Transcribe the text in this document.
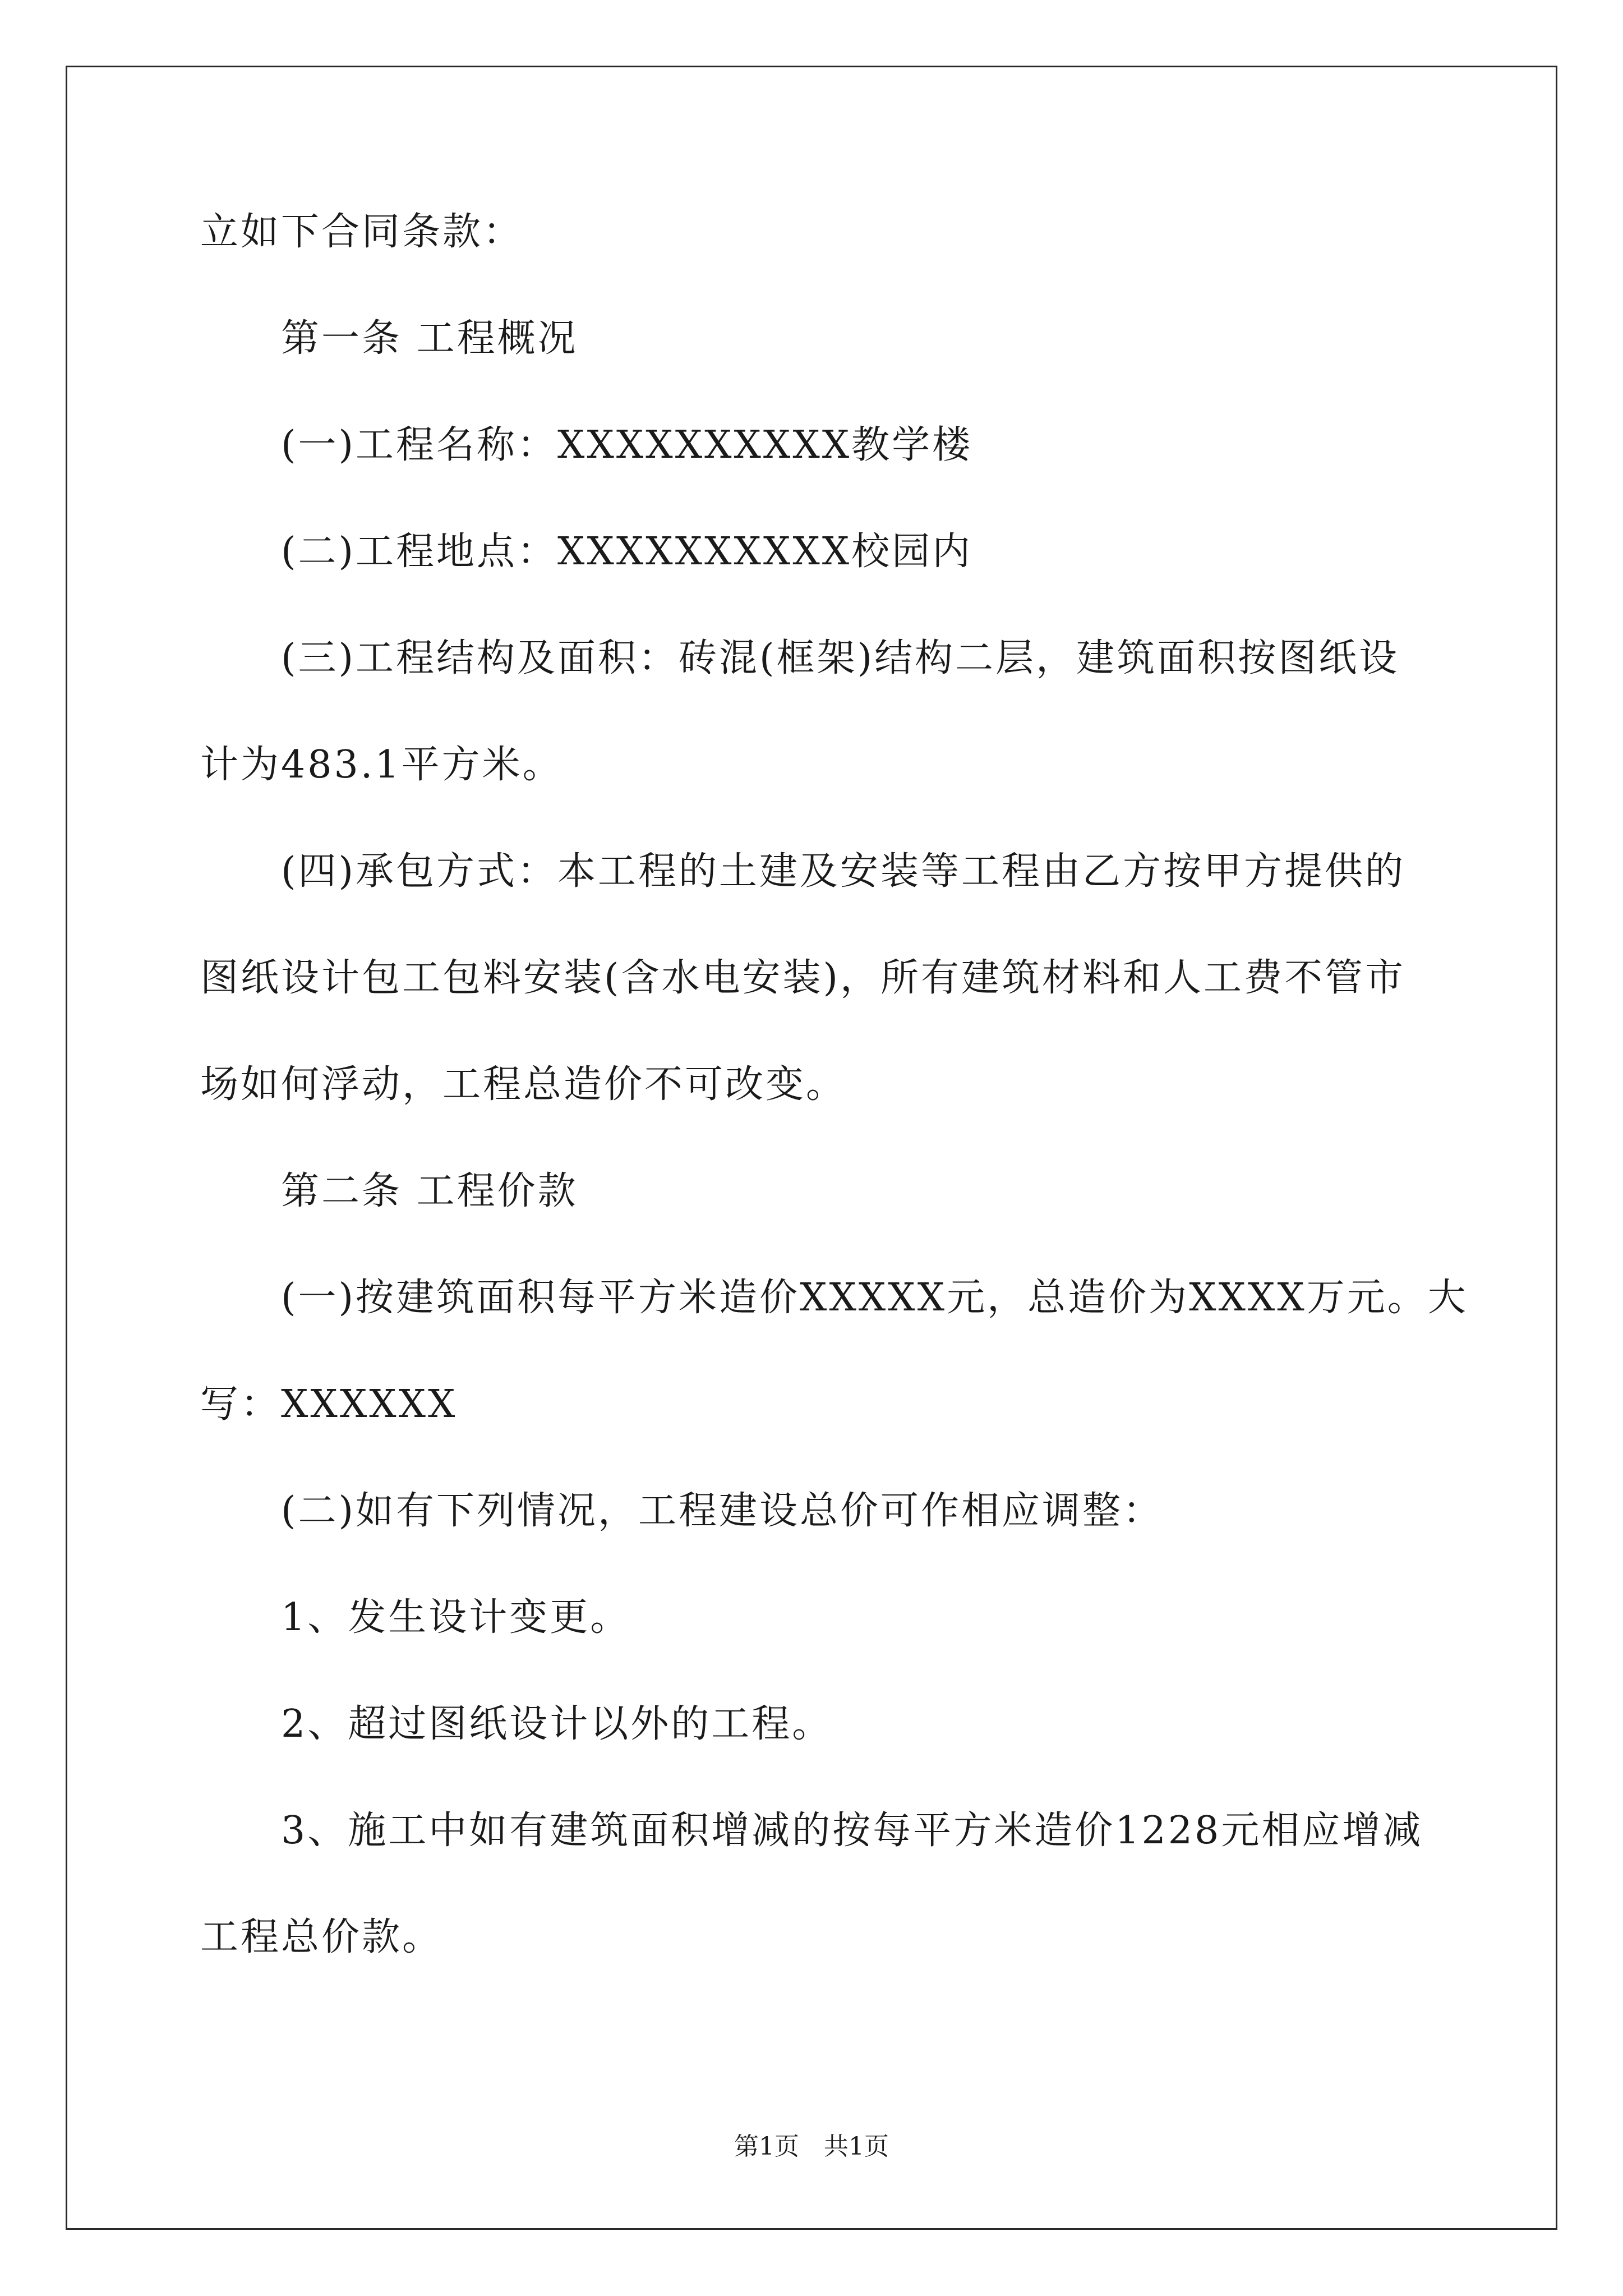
立如下合同条款：
第一条 工程概况
(一)工程名称：XXXXXXXXXX教学楼
(二)工程地点：XXXXXXXXXX校园内
(三)工程结构及面积：砖混(框架)结构二层，建筑面积按图纸设
计为483.1平方米。
(四)承包方式：本工程的土建及安装等工程由乙方按甲方提供的
图纸设计包工包料安装(含水电安装)，所有建筑材料和人工费不管市
场如何浮动，工程总造价不可改变。
第二条 工程价款
(一)按建筑面积每平方米造价XXXXX元，总造价为XXXX万元。大
写：XXXXXX
(二)如有下列情况，工程建设总价可作相应调整：
1、发生设计变更。
2、超过图纸设计以外的工程。
3、施工中如有建筑面积增减的按每平方米造价1228元相应增减
工程总价款。
第1页　共1页
